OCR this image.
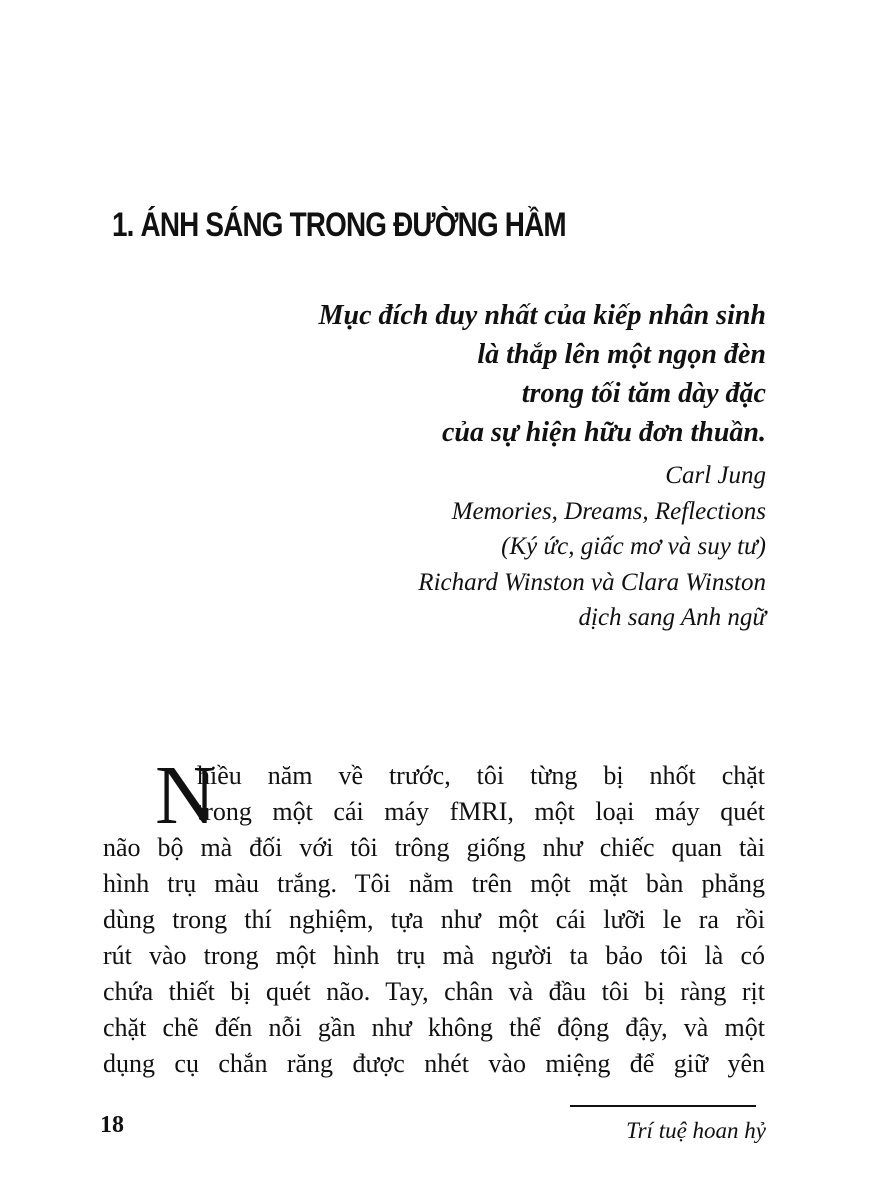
1. ÁNH SÁNG TRONG ĐƯỜNG HẦM
Mục đích duy nhất của kiếp nhân sinh
là thắp lên một ngọn đèn
trong tối tăm dày đặc
của sự hiện hữu đơn thuần.
Carl Jung
Memories, Dreams, Reflections
(Ký ức, giấc mơ và suy tư)
Richard Winston và Clara Winston
dịch sang Anh ngữ
N
hiều năm về trước, tôi từng bị nhốt chặt
trong một cái máy fMRI, một loại máy quét
não bộ mà đối với tôi trông giống như chiếc quan tài
hình trụ màu trắng. Tôi nằm trên một mặt bàn phẳng
dùng trong thí nghiệm, tựa như một cái lưỡi le ra rồi
rút vào trong một hình trụ mà người ta bảo tôi là có
chứa thiết bị quét não. Tay, chân và đầu tôi bị ràng rịt
chặt chẽ đến nỗi gần như không thể động đậy, và một
dụng cụ chắn răng được nhét vào miệng để giữ yên
18	Trí tuệ hoan hỷ
